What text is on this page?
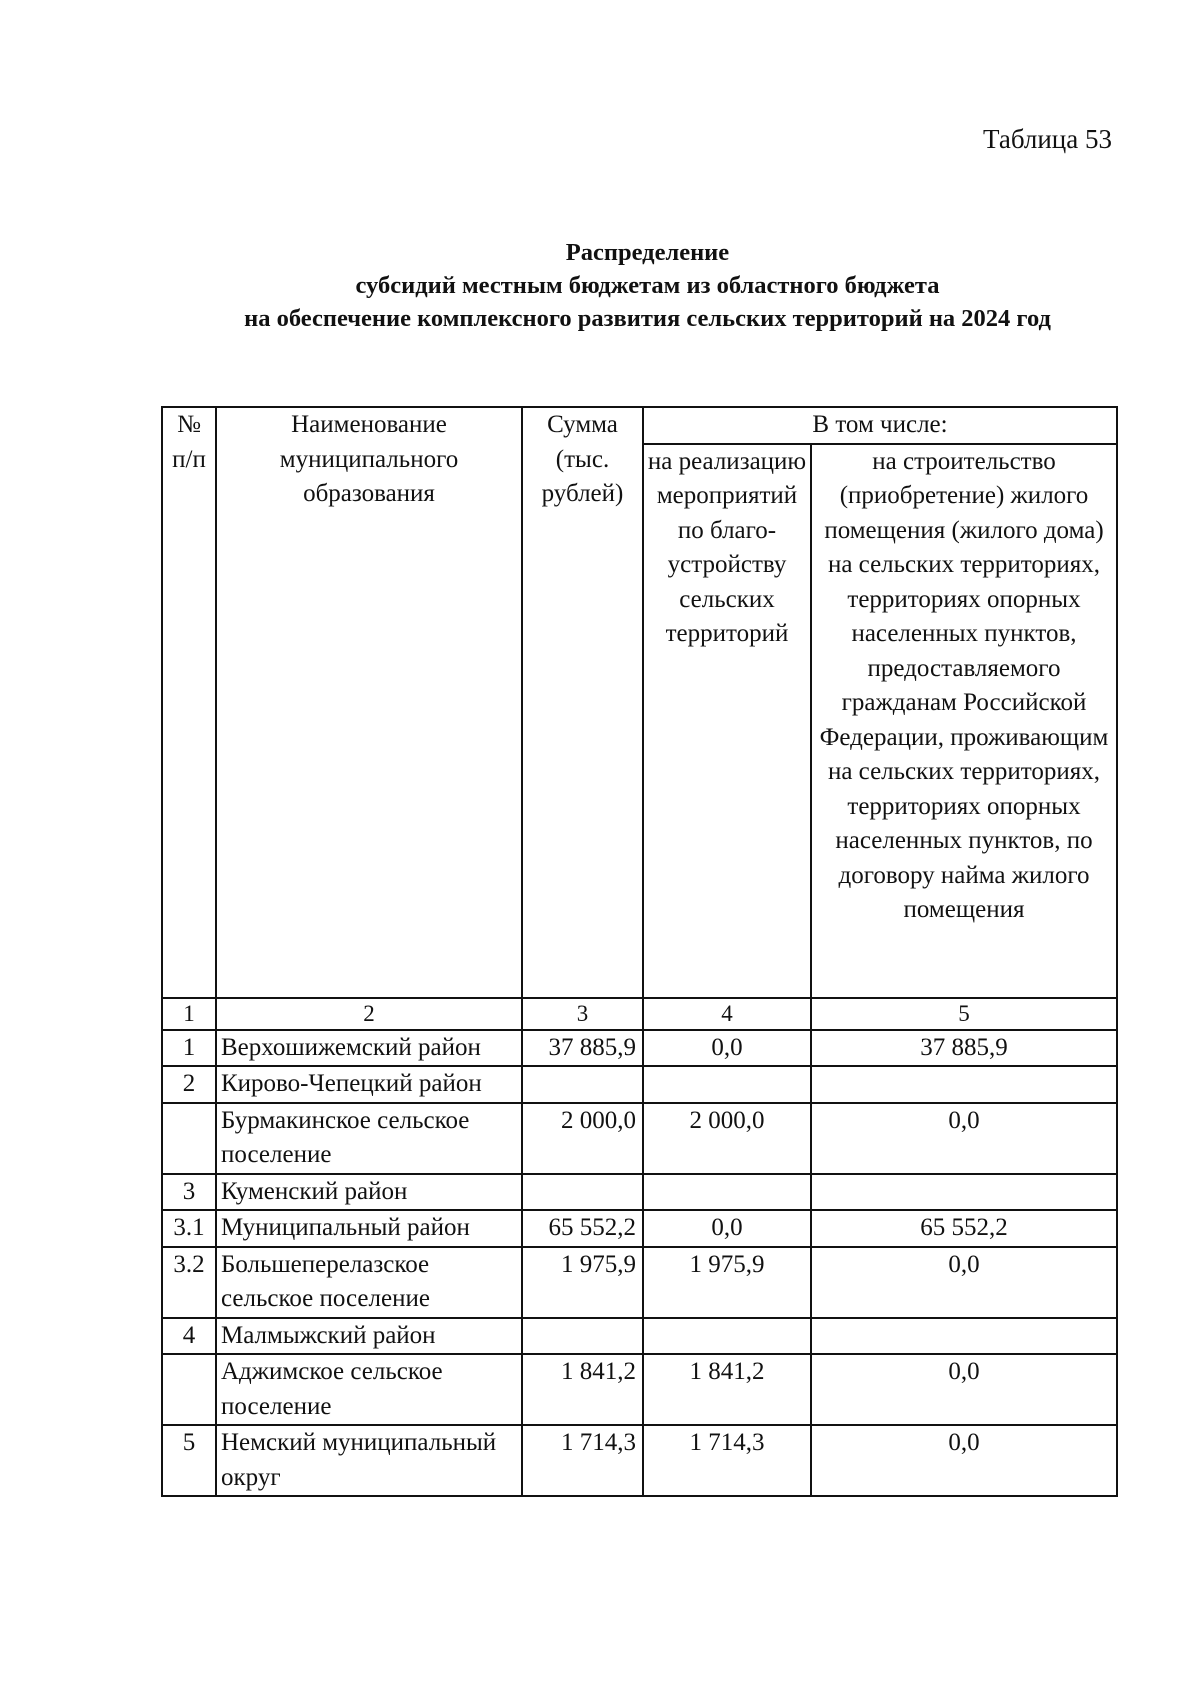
Таблица 53
Распределение
субсидий местным бюджетам из областного бюджета
на обеспечение комплексного развития сельских территорий на 2024 год
№ п/п	Наименование муниципального образования	Сумма (тыс. рублей)	В том числе:	
			на реализацию мероприятий по благо-устройству сельских территорий	на строительство (приобретение) жилого помещения (жилого дома) на сельских территориях, территориях опорных населенных пунктов, предоставляемого гражданам Российской Федерации, проживающим на сельских территориях, территориях опорных населенных пунктов, по договору найма жилого помещения
1	2	3	4	5
1	Верхошижемский район	37 885,9	0,0	37 885,9
2	Кирово-Чепецкий район			
	Бурмакинское сельское поселение	2 000,0	2 000,0	0,0
3	Куменский район			
3.1	Муниципальный район	65 552,2	0,0	65 552,2
3.2	Большеперелазское сельское поселение	1 975,9	1 975,9	0,0
4	Малмыжский район			
	Аджимское сельское поселение	1 841,2	1 841,2	0,0
5	Немский муниципальный округ	1 714,3	1 714,3	0,0
